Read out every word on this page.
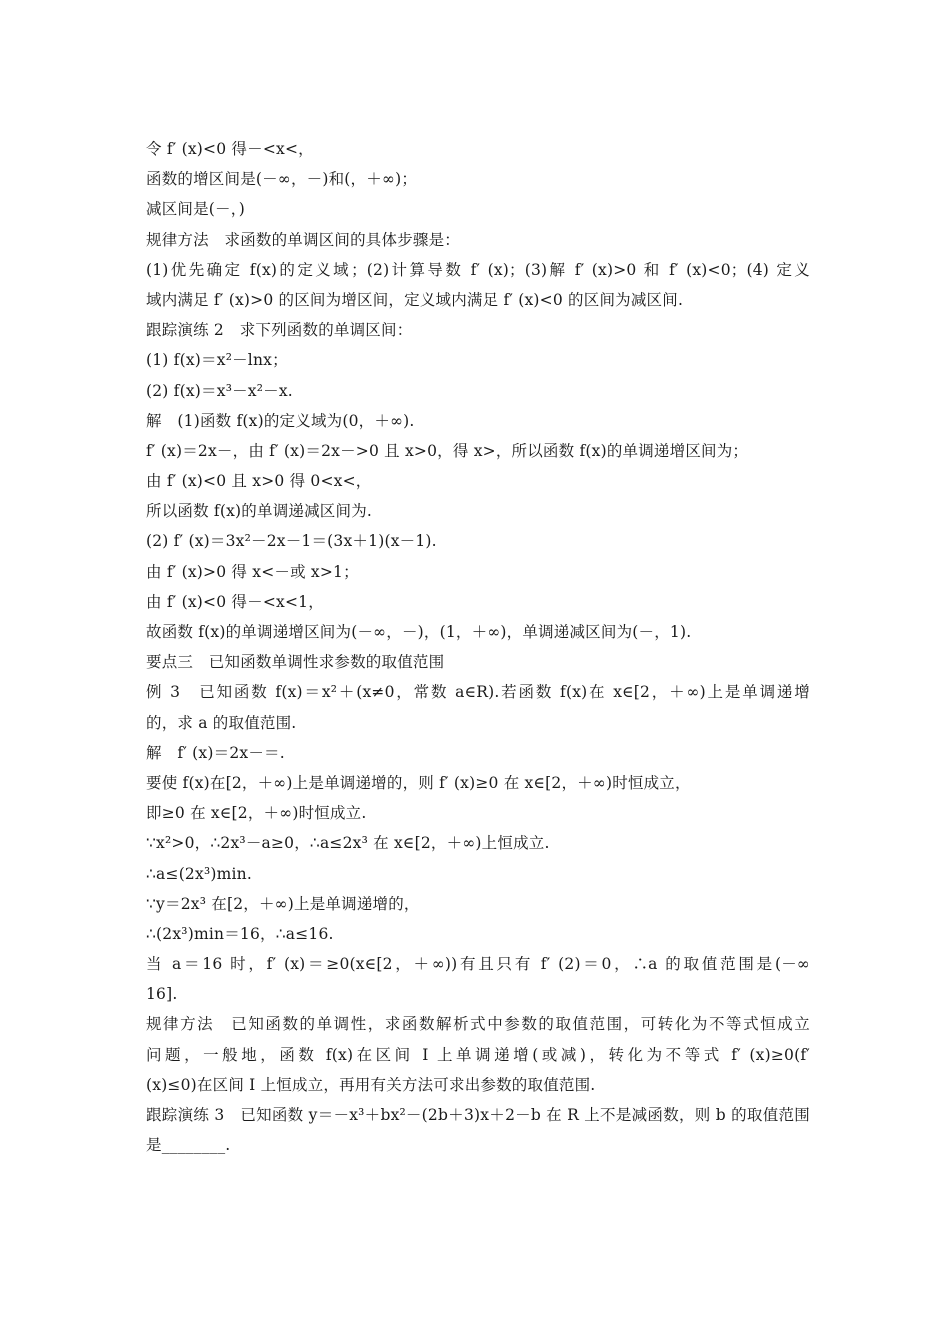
令 f′ (x)<0 得－<x<，
函数的增区间是(－∞，－)和(，＋∞)；
减区间是(－，)
规律方法　求函数的单调区间的具体步骤是：
(1)优先确定 f(x)的定义域；(2)计算导数 f′ (x)；(3)解 f′ (x)>0 和 f′ (x)<0；(4) 定义
域内满足 f′ (x)>0 的区间为增区间，定义域内满足 f′ (x)<0 的区间为减区间.
跟踪演练 2　求下列函数的单调区间：
(1) f(x)＝x²－lnx；
(2) f(x)＝x³－x²－x.
解　(1)函数 f(x)的定义域为(0，＋∞).
f′ (x)＝2x－，由 f′ (x)＝2x－>0 且 x>0，得 x>，所以函数 f(x)的单调递增区间为；
由 f′ (x)<0 且 x>0 得 0<x<，
所以函数 f(x)的单调递减区间为.
(2) f′ (x)＝3x²－2x－1＝(3x＋1)(x－1).
由 f′ (x)>0 得 x<－或 x>1；
由 f′ (x)<0 得－<x<1，
故函数 f(x)的单调递增区间为(－∞，－)，(1，＋∞)，单调递减区间为(－，1).
要点三　已知函数单调性求参数的取值范围
例 3　已知函数 f(x)＝x²＋(x≠0，常数 a∈R).若函数 f(x)在 x∈[2，＋∞)上是单调递增
的，求 a 的取值范围.
解　f′ (x)＝2x－＝.
要使 f(x)在[2，＋∞)上是单调递增的，则 f′ (x)≥0 在 x∈[2，＋∞)时恒成立，
即≥0 在 x∈[2，＋∞)时恒成立.
∵x²>0，∴2x³－a≥0，∴a≤2x³ 在 x∈[2，＋∞)上恒成立.
∴a≤(2x³)min.
∵y＝2x³ 在[2，＋∞)上是单调递增的，
∴(2x³)min＝16，∴a≤16.
当 a＝16 时，f′ (x)＝≥0(x∈[2，＋∞))有且只有 f′ (2)＝0，∴a 的取值范围是(－∞
16].
规律方法　已知函数的单调性，求函数解析式中参数的取值范围，可转化为不等式恒成立
问题，一般地，函数 f(x)在区间 I 上单调递增(或减)，转化为不等式 f′ (x)≥0(f′
(x)≤0)在区间 I 上恒成立，再用有关方法可求出参数的取值范围.
跟踪演练 3　已知函数 y＝－x³＋bx²－(2b＋3)x＋2－b 在 R 上不是减函数，则 b 的取值范围
是________.
